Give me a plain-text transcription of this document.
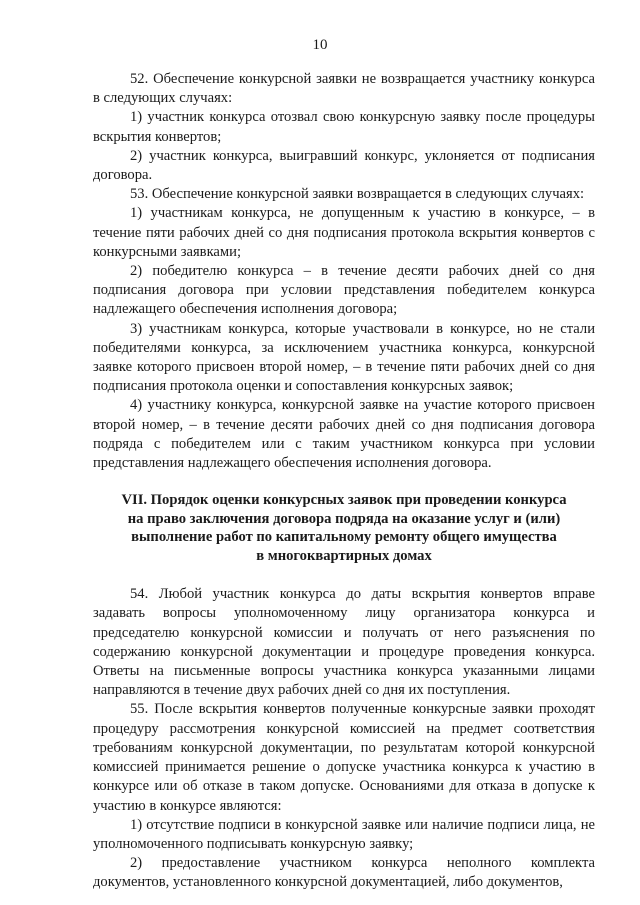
10

52. Обеспечение конкурсной заявки не возвращается участнику конкурса в следующих случаях:

1) участник конкурса отозвал свою конкурсную заявку после процедуры вскрытия конвертов;

2) участник конкурса, выигравший конкурс, уклоняется от подписания договора.

53. Обеспечение конкурсной заявки возвращается в следующих случаях:

1) участникам конкурса, не допущенным к участию в конкурсе, – в течение пяти рабочих дней со дня подписания протокола вскрытия конвертов с конкурсными заявками;

2) победителю конкурса – в течение десяти рабочих дней со дня подписания договора при условии представления победителем конкурса надлежащего обеспечения исполнения договора;

3) участникам конкурса, которые участвовали в конкурсе, но не стали победителями конкурса, за исключением участника конкурса, конкурсной заявке которого присвоен второй номер, – в течение пяти рабочих дней со дня подписания протокола оценки и сопоставления конкурсных заявок;

4) участнику конкурса, конкурсной заявке на участие которого присвоен второй номер, – в течение десяти рабочих дней со дня подписания договора подряда с победителем или с таким участником конкурса при условии представления надлежащего обеспечения исполнения договора.

VII. Порядок оценки конкурсных заявок при проведении конкурса
на право заключения договора подряда на оказание услуг и (или)
выполнение работ по капитальному ремонту общего имущества
в многоквартирных домах

54. Любой участник конкурса до даты вскрытия конвертов вправе задавать вопросы уполномоченному лицу организатора конкурса и председателю конкурсной комиссии и получать от него разъяснения по содержанию конкурсной документации и процедуре проведения конкурса. Ответы на письменные вопросы участника конкурса указанными лицами направляются в течение двух рабочих дней со дня их поступления.

55. После вскрытия конвертов полученные конкурсные заявки проходят процедуру рассмотрения конкурсной комиссией на предмет соответствия требованиям конкурсной документации, по результатам которой конкурсной комиссией принимается решение о допуске участника конкурса к участию в конкурсе или об отказе в таком допуске. Основаниями для отказа в допуске к участию в конкурсе являются:

1) отсутствие подписи в конкурсной заявке или наличие подписи лица, не уполномоченного подписывать конкурсную заявку;

2) предоставление участником конкурса неполного комплекта документов, установленного конкурсной документацией, либо документов,
